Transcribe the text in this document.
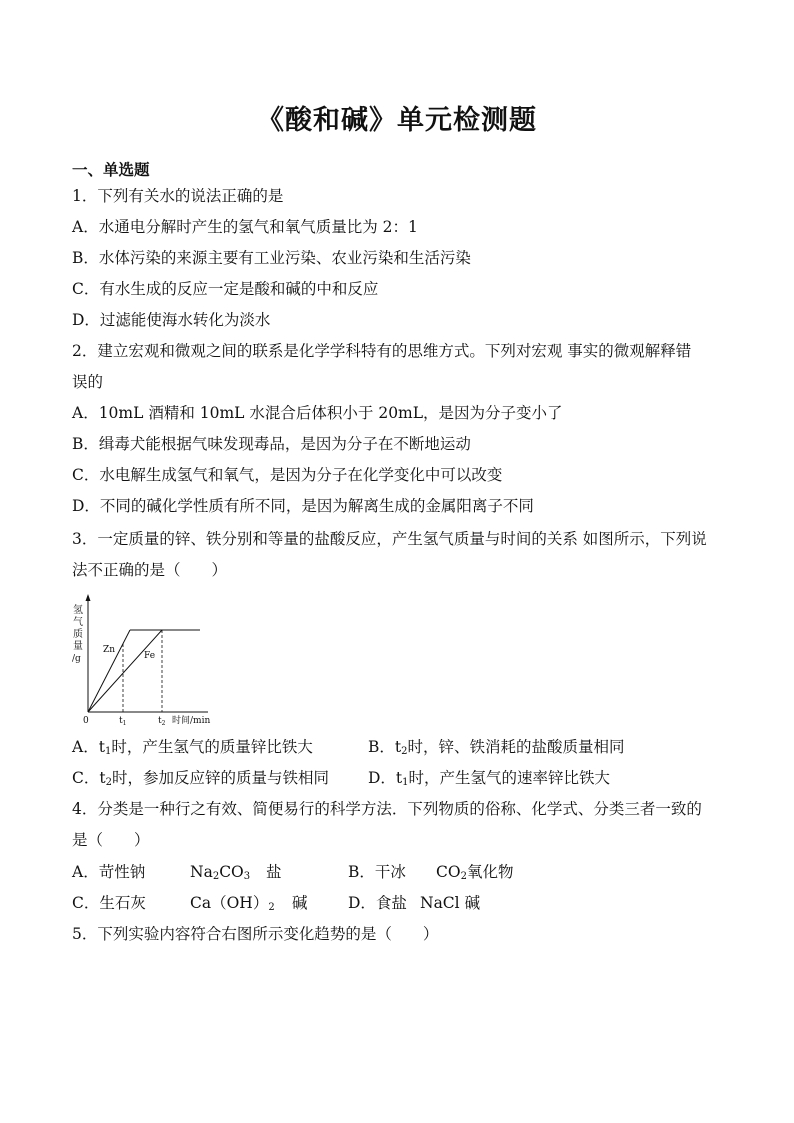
《酸和碱》单元检测题
一、单选题
1．下列有关水的说法正确的是
A．水通电分解时产生的氢气和氧气质量比为 2：1
B．水体污染的来源主要有工业污染、农业污染和生活污染
C．有水生成的反应一定是酸和碱的中和反应
D．过滤能使海水转化为淡水
2．建立宏观和微观之间的联系是化学学科特有的思维方式。下列对宏观 事实的微观解释错
误的
A．10mL 酒精和 10mL 水混合后体积小于 20mL，是因为分子变小了
B．缉毒犬能根据气味发现毒品，是因为分子在不断地运动
C．水电解生成氢气和氧气，是因为分子在化学变化中可以改变
D．不同的碱化学性质有所不同，是因为解离生成的金属阳离子不同
3．一定质量的锌、铁分别和等量的盐酸反应，产生氢气质量与时间的关系 如图所示，下列说
法不正确的是（　　）
氢
气
质
量
/g
Zn
Fe
0	$t_1$	$t_2$ 时间/min
A．$t_1$时，产生氢气的质量锌比铁大	B．$t_2$时，锌、铁消耗的盐酸质量相同
C．$t_2$时，参加反应锌的质量与铁相同	D．$t_1$时，产生氢气的速率锌比铁大
4．分类是一种行之有效、简便易行的科学方法．下列物质的俗称、化学式、分类三者一致的
是（　　）
A．苛性钠	$Na_2CO_3$ 盐	B．干冰 $CO_2$氧化物
C．生石灰	$Ca(OH)_2$ 碱	D．食盐 NaCl 碱
5．下列实验内容符合右图所示变化趋势的是（　　）
